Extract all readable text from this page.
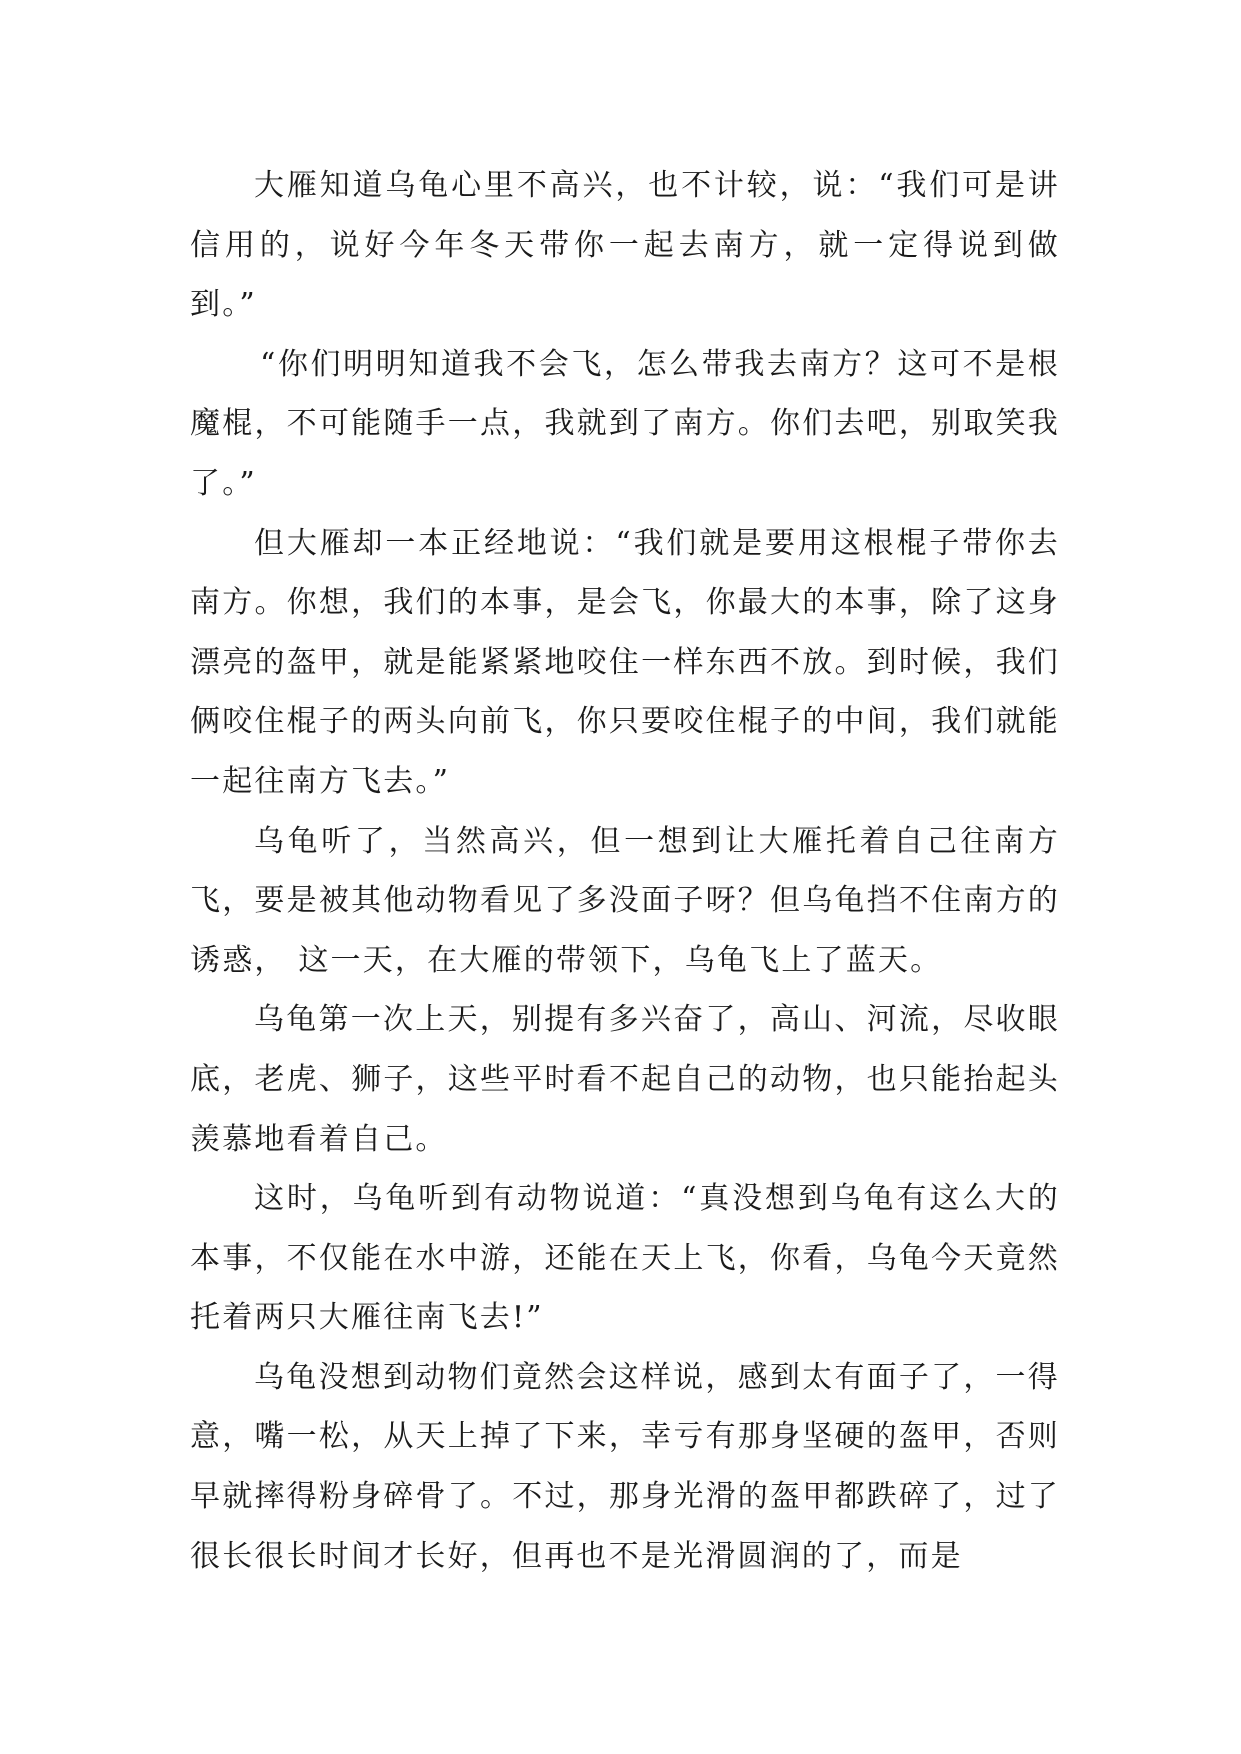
大雁知道乌龟心里不高兴，也不计较，说：“我们可是讲信用的，说好今年冬天带你一起去南方，就一定得说到做到。”

“你们明明知道我不会飞，怎么带我去南方？这可不是根魔棍，不可能随手一点，我就到了南方。你们去吧，别取笑我了。”

但大雁却一本正经地说：“我们就是要用这根棍子带你去南方。你想，我们的本事，是会飞，你最大的本事，除了这身漂亮的盔甲，就是能紧紧地咬住一样东西不放。到时候，我们俩咬住棍子的两头向前飞，你只要咬住棍子的中间，我们就能一起往南方飞去。”

乌龟听了，当然高兴，但一想到让大雁托着自己往南方飞，要是被其他动物看见了多没面子呀？但乌龟挡不住南方的诱惑， 这一天，在大雁的带领下，乌龟飞上了蓝天。

乌龟第一次上天，别提有多兴奋了，高山、河流，尽收眼底，老虎、狮子，这些平时看不起自己的动物，也只能抬起头羡慕地看着自己。

这时，乌龟听到有动物说道：“真没想到乌龟有这么大的本事，不仅能在水中游，还能在天上飞，你看，乌龟今天竟然托着两只大雁往南飞去!”

乌龟没想到动物们竟然会这样说，感到太有面子了，一得意，嘴一松，从天上掉了下来，幸亏有那身坚硬的盔甲，否则早就摔得粉身碎骨了。不过，那身光滑的盔甲都跌碎了，过了很长很长时间才长好，但再也不是光滑圆润的了，而是
